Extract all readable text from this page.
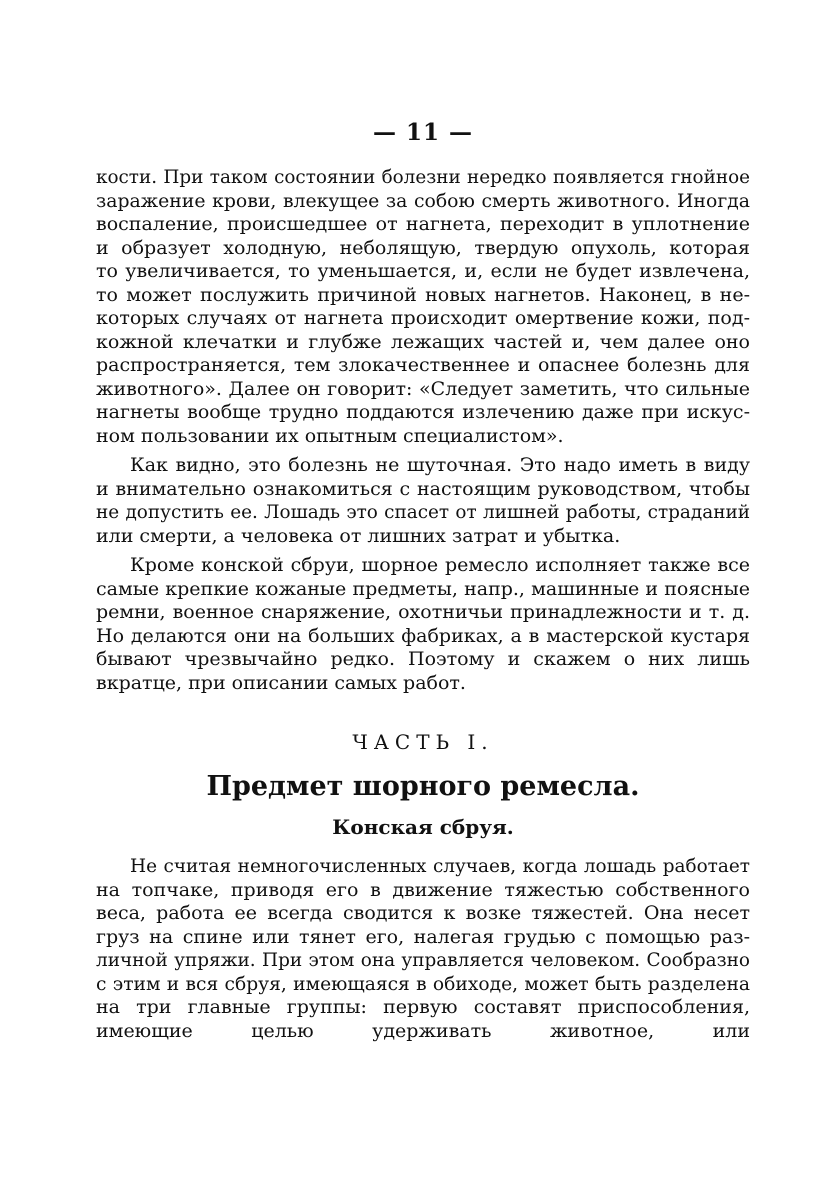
— 11 —
кости. При таком состоянии болезни нередко появляется гнойное
заражение крови, влекущее за собою смерть животного. Иногда
воспаление, происшедшее от нагнета, переходит в уплотнение
и образует холодную, неболящую, твердую опухоль, которая
то увеличивается, то уменьшается, и, если не будет извлечена,
то может послужить причиной новых нагнетов. Наконец, в не-
которых случаях от нагнета происходит омертвение кожи, под-
кожной клечатки и глубже лежащих частей и, чем далее оно
распространяется, тем злокачественнее и опаснее болезнь для
животного». Далее он говорит: «Следует заметить, что сильные
нагнеты вообще трудно поддаются излечению даже при искус-
ном пользовании их опытным специалистом».
Как видно, это болезнь не шуточная. Это надо иметь в виду
и внимательно ознакомиться с настоящим руководством, чтобы
не допустить ее. Лошадь это спасет от лишней работы, страданий
или смерти, а человека от лишних затрат и убытка.
Кроме конской сбруи, шорное ремесло исполняет также все
самые крепкие кожаные предметы, напр., машинные и поясные
ремни, военное снаряжение, охотничьи принадлежности и т. д.
Но делаются они на больших фабриках, а в мастерской кустаря
бывают чрезвычайно редко. Поэтому и скажем о них лишь
вкратце, при описании самых работ.
ЧАСТЬ I.
Предмет шорного ремесла.
Конская сбруя.
Не считая немногочисленных случаев, когда лошадь работает
на топчаке, приводя его в движение тяжестью собственного
веса, работа ее всегда сводится к возке тяжестей. Она несет
груз на спине или тянет его, налегая грудью с помощью раз-
личной упряжи. При этом она управляется человеком. Сообразно
с этим и вся сбруя, имеющаяся в обиходе, может быть разделена
на три главные группы: первую составят приспособления,
имеющие целью удерживать животное, или
